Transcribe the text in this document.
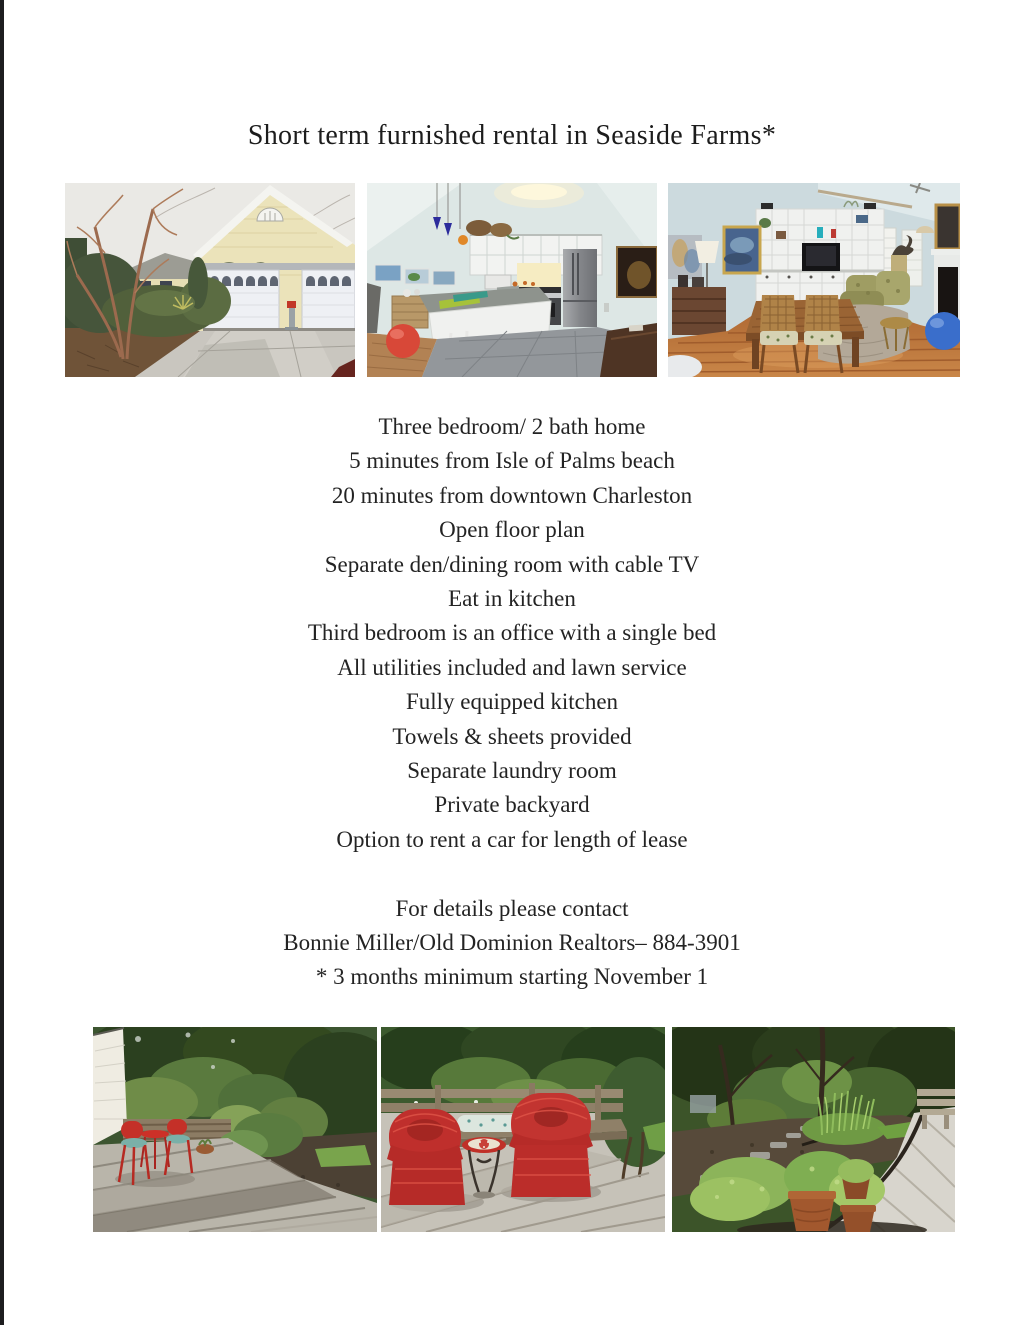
Short term furnished rental in Seaside Farms*

Three bedroom/ 2 bath home

5 minutes from Isle of Palms beach

20 minutes from downtown Charleston

Open floor plan

Separate den/dining room with cable TV

Eat in kitchen

Third bedroom is an office with a single bed

All utilities included and lawn service

Fully equipped kitchen

Towels & sheets provided

Separate laundry room

Private backyard

Option to rent a car for length of lease

For details please contact

Bonnie Miller/Old Dominion Realtors– 884-3901

* 3 months minimum starting November 1
